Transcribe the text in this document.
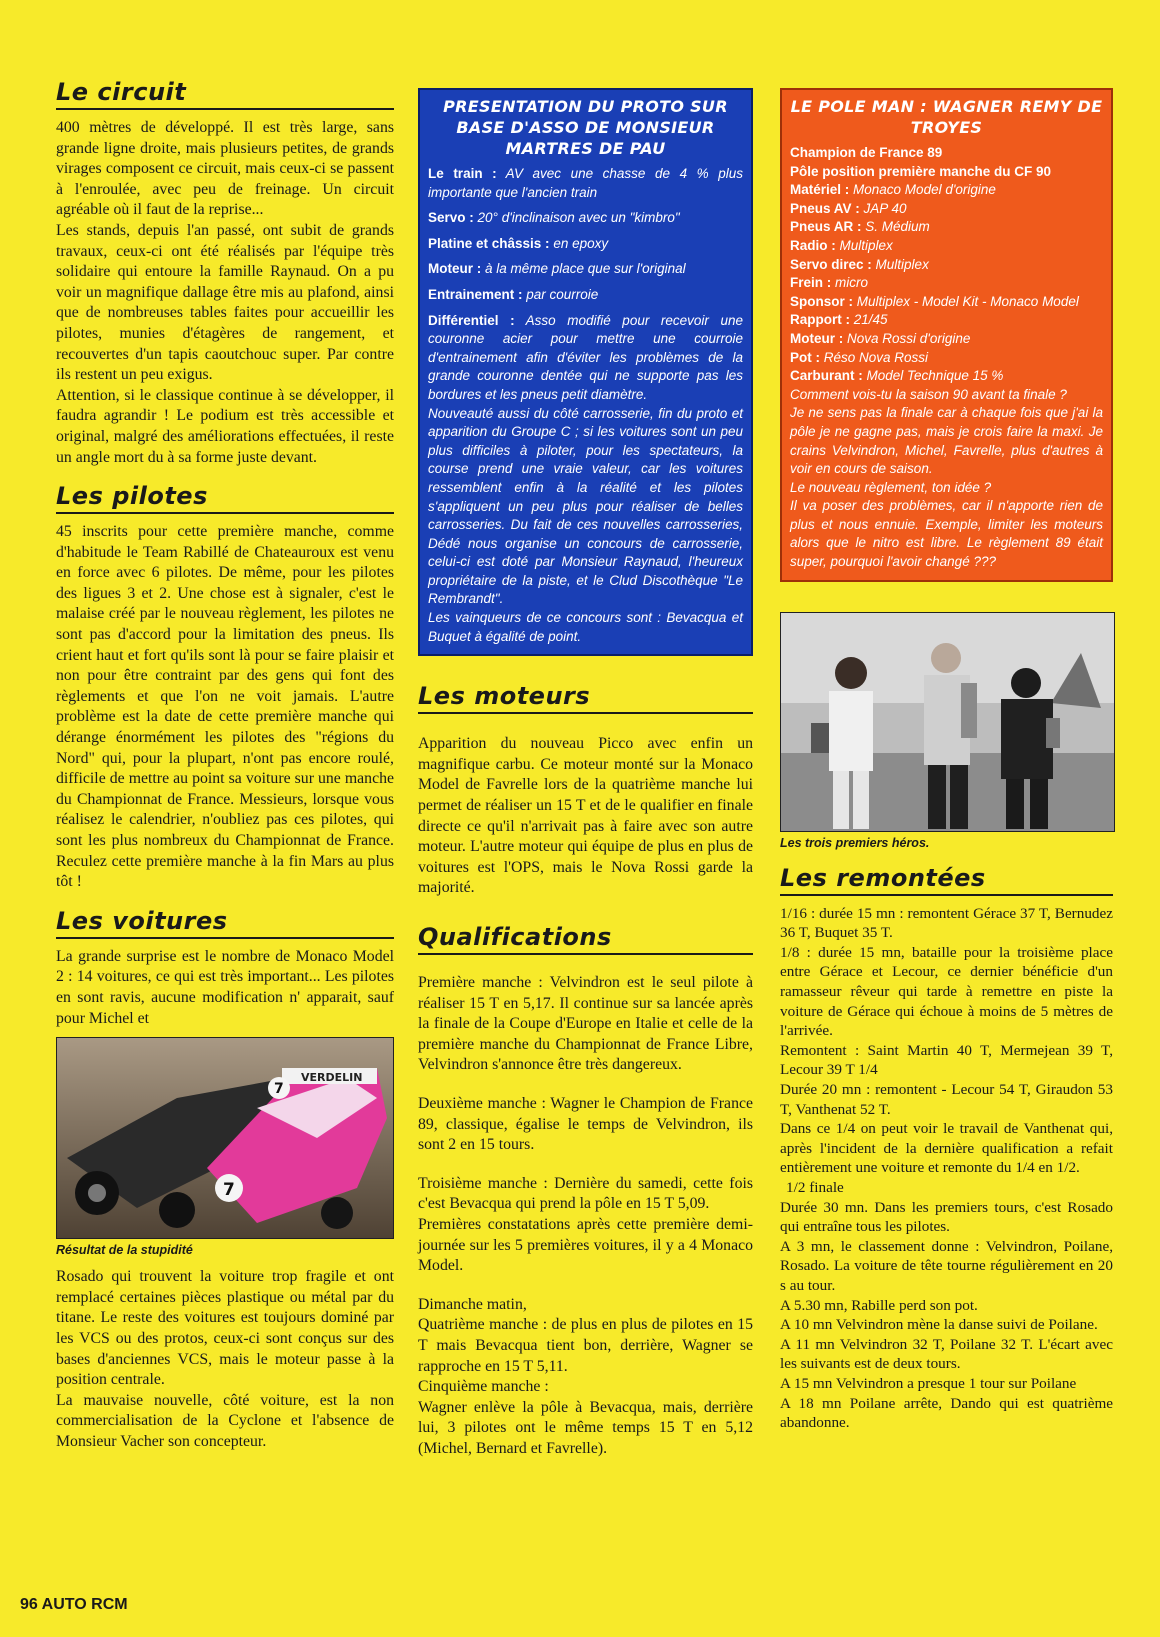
Le circuit

400 mètres de développé. Il est très large, sans grande ligne droite, mais plusieurs petites, de grands virages composent ce circuit, mais ceux-ci se passent à l'enroulée, avec peu de freinage. Un circuit agréable où il faut de la reprise...

Les stands, depuis l'an passé, ont subit de grands travaux, ceux-ci ont été réalisés par l'équipe très solidaire qui entoure la famille Raynaud. On a pu voir un magnifique dallage être mis au plafond, ainsi que de nombreuses tables faites pour accueillir les pilotes, munies d'étagères de rangement, et recouvertes d'un tapis caoutchouc super. Par contre ils restent un peu exigus.

Attention, si le classique continue à se développer, il faudra agrandir ! Le podium est très accessible et original, malgré des améliorations effectuées, il reste un angle mort du à sa forme juste devant.

Les pilotes

45 inscrits pour cette première manche, comme d'habitude le Team Rabillé de Chateauroux est venu en force avec 6 pilotes. De même, pour les pilotes des ligues 3 et 2. Une chose est à signaler, c'est le malaise créé par le nouveau règlement, les pilotes ne sont pas d'accord pour la limitation des pneus. Ils crient haut et fort qu'ils sont là pour se faire plaisir et non pour être contraint par des gens qui font des règlements et que l'on ne voit jamais. L'autre problème est la date de cette première manche qui dérange énormément les pilotes des "régions du Nord" qui, pour la plupart, n'ont pas encore roulé, difficile de mettre au point sa voiture sur une manche du Championnat de France. Messieurs, lorsque vous réalisez le calendrier, n'oubliez pas ces pilotes, qui sont les plus nombreux du Championnat de France. Reculez cette première manche à la fin Mars au plus tôt !

Les voitures

La grande surprise est le nombre de Monaco Model 2 : 14 voitures, ce qui est très important... Les pilotes en sont ravis, aucune modification n' apparait, sauf pour Michel et

VERDELIN
7
7
Résultat de la stupidité

Rosado qui trouvent la voiture trop fragile et ont remplacé certaines pièces plastique ou métal par du titane. Le reste des voitures est toujours dominé par les VCS ou des protos, ceux-ci sont conçus sur des bases d'anciennes VCS, mais le moteur passe à la position centrale.

La mauvaise nouvelle, côté voiture, est la non commercialisation de la Cyclone et l'absence de Monsieur Vacher son concepteur.

PRESENTATION DU PROTO SUR BASE D'ASSO DE MONSIEUR MARTRES DE PAU
Le train : AV avec une chasse de 4 % plus importante que l'ancien train
Servo : 20° d'inclinaison avec un "kimbro"
Platine et châssis : en epoxy
Moteur : à la même place que sur l'original
Entrainement : par courroie
Différentiel : Asso modifié pour recevoir une couronne acier pour mettre une courroie d'entrainement afin d'éviter les problèmes de la grande couronne dentée qui ne supporte pas les bordures et les pneus petit diamètre.

Nouveauté aussi du côté carrosserie, fin du proto et apparition du Groupe C ; si les voitures sont un peu plus difficiles à piloter, pour les spectateurs, la course prend une vraie valeur, car les voitures ressemblent enfin à la réalité et les pilotes s'appliquent un peu plus pour réaliser de belles carrosseries. Du fait de ces nouvelles carrosseries, Dédé nous organise un concours de carrosserie, celui-ci est doté par Monsieur Raynaud, l'heureux propriétaire de la piste, et le Clud Discothèque "Le Rembrandt".

Les vainqueurs de ce concours sont : Bevacqua et Buquet à égalité de point.

Les moteurs

Apparition du nouveau Picco avec enfin un magnifique carbu. Ce moteur monté sur la Monaco Model de Favrelle lors de la quatrième manche lui permet de réaliser un 15 T et de le qualifier en finale directe ce qu'il n'arrivait pas à faire avec son autre moteur. L'autre moteur qui équipe de plus en plus de voitures est l'OPS, mais le Nova Rossi garde la majorité.

Qualifications

Première manche : Velvindron est le seul pilote à réaliser 15 T en 5,17. Il continue sur sa lancée après la finale de la Coupe d'Europe en Italie et celle de la première manche du Championnat de France Libre, Velvindron s'annonce être très dangereux.

Deuxième manche : Wagner le Champion de France 89, classique, égalise le temps de Velvindron, ils sont 2 en 15 tours.

Troisième manche : Dernière du samedi, cette fois c'est Bevacqua qui prend la pôle en 15 T 5,09.

Premières constatations après cette première demi-journée sur les 5 premières voitures, il y a 4 Monaco Model.

Dimanche matin,

Quatrième manche : de plus en plus de pilotes en 15 T mais Bevacqua tient bon, derrière, Wagner se rapproche en 15 T 5,11.

Cinquième manche :

Wagner enlève la pôle à Bevacqua, mais, derrière lui, 3 pilotes ont le même temps 15 T en 5,12 (Michel, Bernard et Favrelle).

LE POLE MAN : WAGNER REMY DE TROYES
Champion de France 89
Pôle position première manche du CF 90
Matériel : Monaco Model d'origine
Pneus AV : JAP 40
Pneus AR : S. Médium
Radio : Multiplex
Servo direc : Multiplex
Frein : micro
Sponsor : Multiplex - Model Kit - Monaco Model
Rapport : 21/45
Moteur : Nova Rossi d'origine
Pot : Réso Nova Rossi
Carburant : Model Technique 15 %
Comment vois-tu la saison 90 avant ta finale ?
Je ne sens pas la finale car à chaque fois que j'ai la pôle je ne gagne pas, mais je crois faire la maxi. Je crains Velvindron, Michel, Favrelle, plus d'autres à voir en cours de saison.
Le nouveau règlement, ton idée ?
Il va poser des problèmes, car il n'apporte rien de plus et nous ennuie. Exemple, limiter les moteurs alors que le nitro est libre. Le règlement 89 était super, pourquoi l'avoir changé ???
Les trois premiers héros.
Les remontées

1/16 : durée 15 mn : remontent Gérace 37 T, Bernudez 36 T, Buquet 35 T.

1/8 : durée 15 mn, bataille pour la troisième place entre Gérace et Lecour, ce dernier bénéficie d'un ramasseur rêveur qui tarde à remettre en piste la voiture de Gérace qui échoue à moins de 5 mètres de l'arrivée.

Remontent : Saint Martin 40 T, Mermejean 39 T, Lecour 39 T 1/4

Durée 20 mn : remontent - Lecour 54 T, Giraudon 53 T, Vanthenat 52 T.

Dans ce 1/4 on peut voir le travail de Vanthenat qui, après l'incident de la dernière qualification a refait entièrement une voiture et remonte du 1/4 en 1/2.

1/2 finale

Durée 30 mn. Dans les premiers tours, c'est Rosado qui entraîne tous les pilotes.

A 3 mn, le classement donne : Velvindron, Poilane, Rosado. La voiture de tête tourne régulièrement en 20 s au tour.

A 5.30 mn, Rabille perd son pot.

A 10 mn Velvindron mène la danse suivi de Poilane.

A 11 mn Velvindron 32 T, Poilane 32 T. L'écart avec les suivants est de deux tours.

A 15 mn Velvindron a presque 1 tour sur Poilane

A 18 mn Poilane arrête, Dando qui est quatrième abandonne.

96 AUTO RCM
